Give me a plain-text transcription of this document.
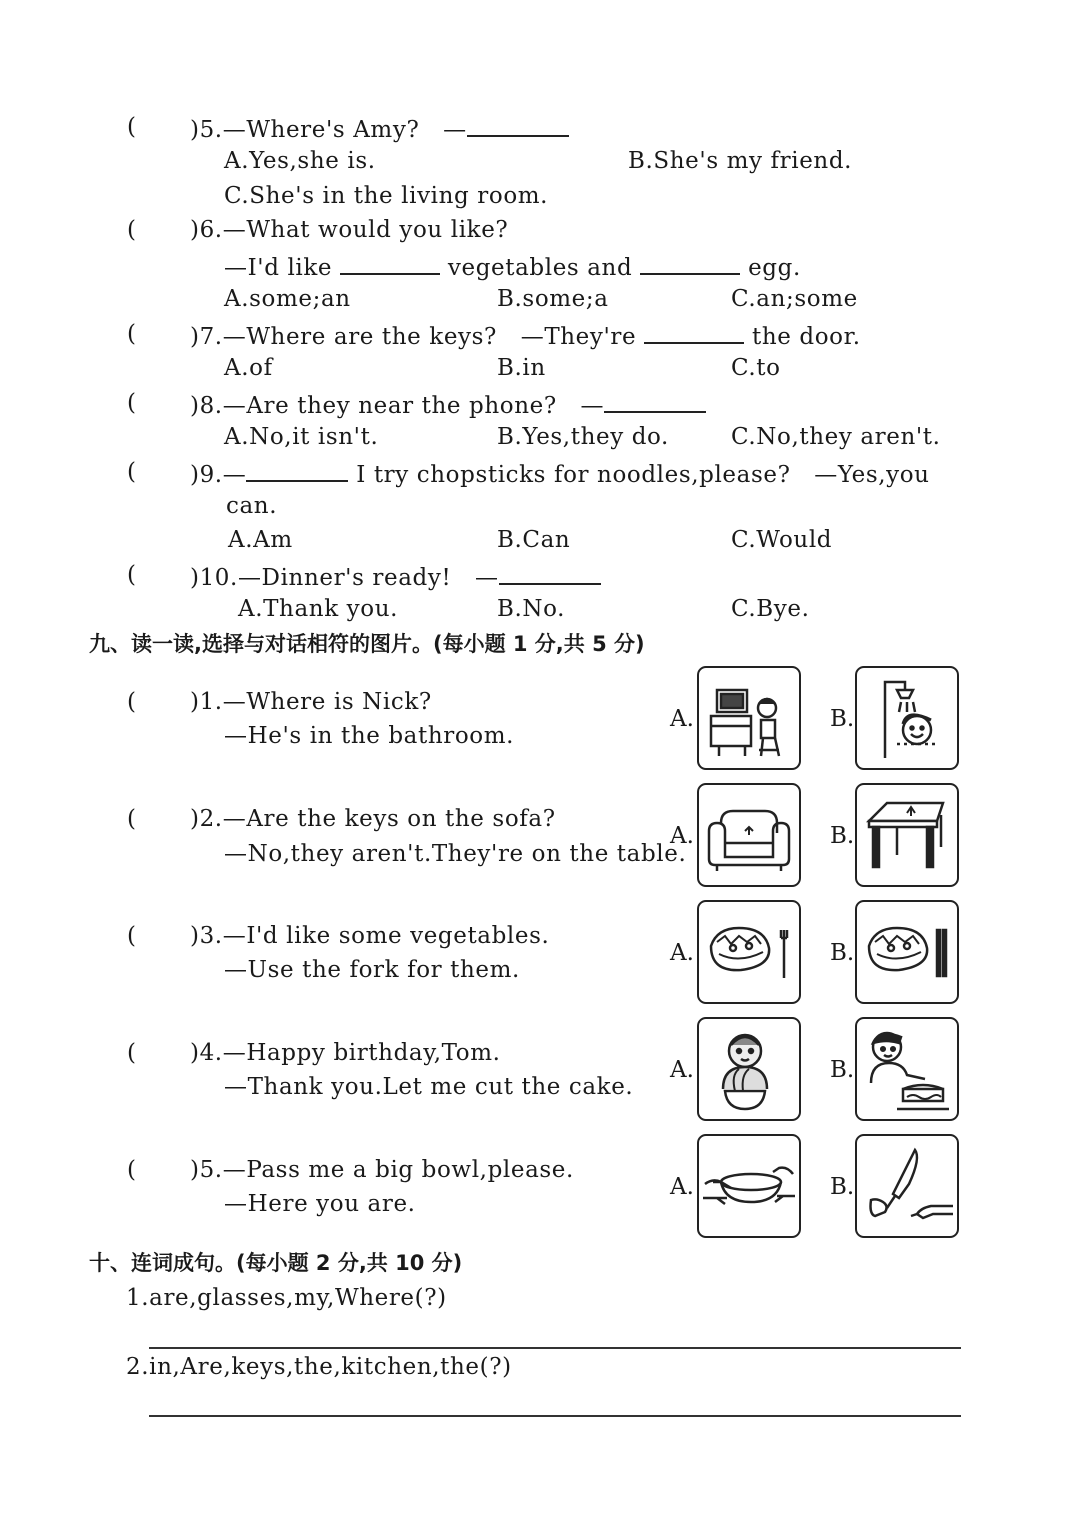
( )5.—Where's Amy?   —
A.Yes,she is.	B.She's my friend.
C.She's in the living room.
( )6.—What would you like?
—I'd like	vegetables and	egg.
A.some;an	B.some;a	C.an;some
( )7.—Where are the keys?   —They're	the door.
A.of	B.in	C.to
( )8.—Are they near the phone?   —
A.No,it isn't.	B.Yes,they do.	C.No,they aren't.
( )9.—	I try chopsticks for noodles,please?   —Yes,you
can.
A.Am	B.Can	C.Would
( )10.—Dinner's ready!   —
A.Thank you.	B.No.	C.Bye.
九、读一读,选择与对话相符的图片。(每小题 1 分,共 5 分)
( )1.—Where is Nick?
—He's in the bathroom.
A.	B.
( )2.—Are the keys on the sofa?
—No,they aren't.They're on the table.
A.	B.
( )3.—I'd like some vegetables.
—Use the fork for them.
A.	B.
( )4.—Happy birthday,Tom.
—Thank you.Let me cut the cake.
A.	B.
( )5.—Pass me a big bowl,please.
—Here you are.
A.	B.
十、连词成句。(每小题 2 分,共 10 分)
1.are,glasses,my,Where(?)
2.in,Are,keys,the,kitchen,the(?)
